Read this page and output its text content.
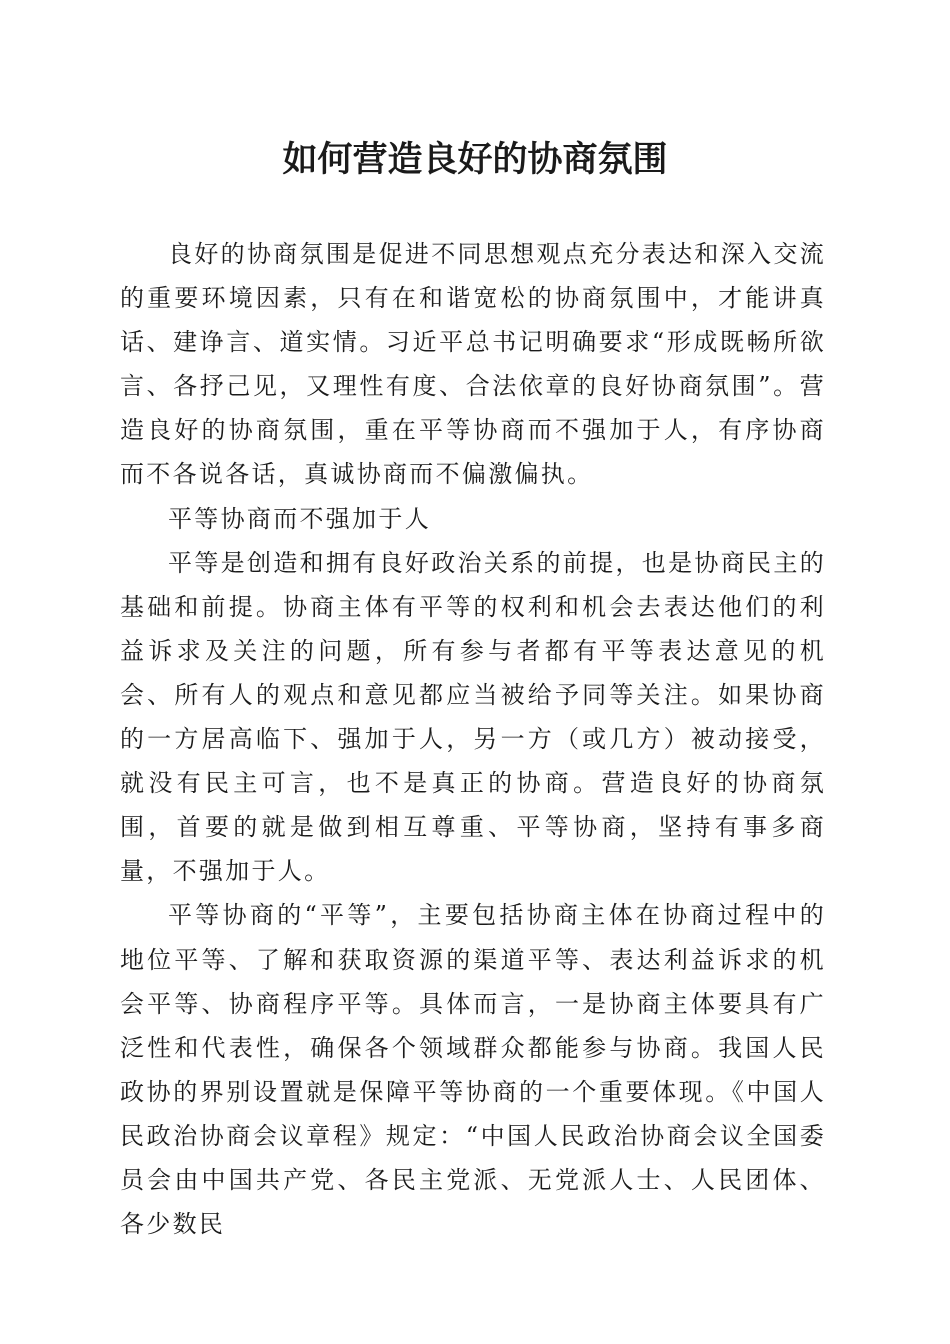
如何营造良好的协商氛围

良好的协商氛围是促进不同思想观点充分表达和深入交流的重要环境因素，只有在和谐宽松的协商氛围中，才能讲真话、建诤言、道实情。习近平总书记明确要求“形成既畅所欲言、各抒己见，又理性有度、合法依章的良好协商氛围”。营造良好的协商氛围，重在平等协商而不强加于人，有序协商而不各说各话，真诚协商而不偏激偏执。

平等协商而不强加于人

平等是创造和拥有良好政治关系的前提，也是协商民主的基础和前提。协商主体有平等的权利和机会去表达他们的利益诉求及关注的问题，所有参与者都有平等表达意见的机会、所有人的观点和意见都应当被给予同等关注。如果协商的一方居高临下、强加于人，另一方（或几方）被动接受，就没有民主可言，也不是真正的协商。营造良好的协商氛围，首要的就是做到相互尊重、平等协商，坚持有事多商量，不强加于人。

平等协商的“平等”，主要包括协商主体在协商过程中的地位平等、了解和获取资源的渠道平等、表达利益诉求的机会平等、协商程序平等。具体而言，一是协商主体要具有广泛性和代表性，确保各个领域群众都能参与协商。我国人民政协的界别设置就是保障平等协商的一个重要体现。《中国人民政治协商会议章程》规定：“中国人民政治协商会议全国委员会由中国共产党、各民主党派、无党派人士、人民团体、各少数民
